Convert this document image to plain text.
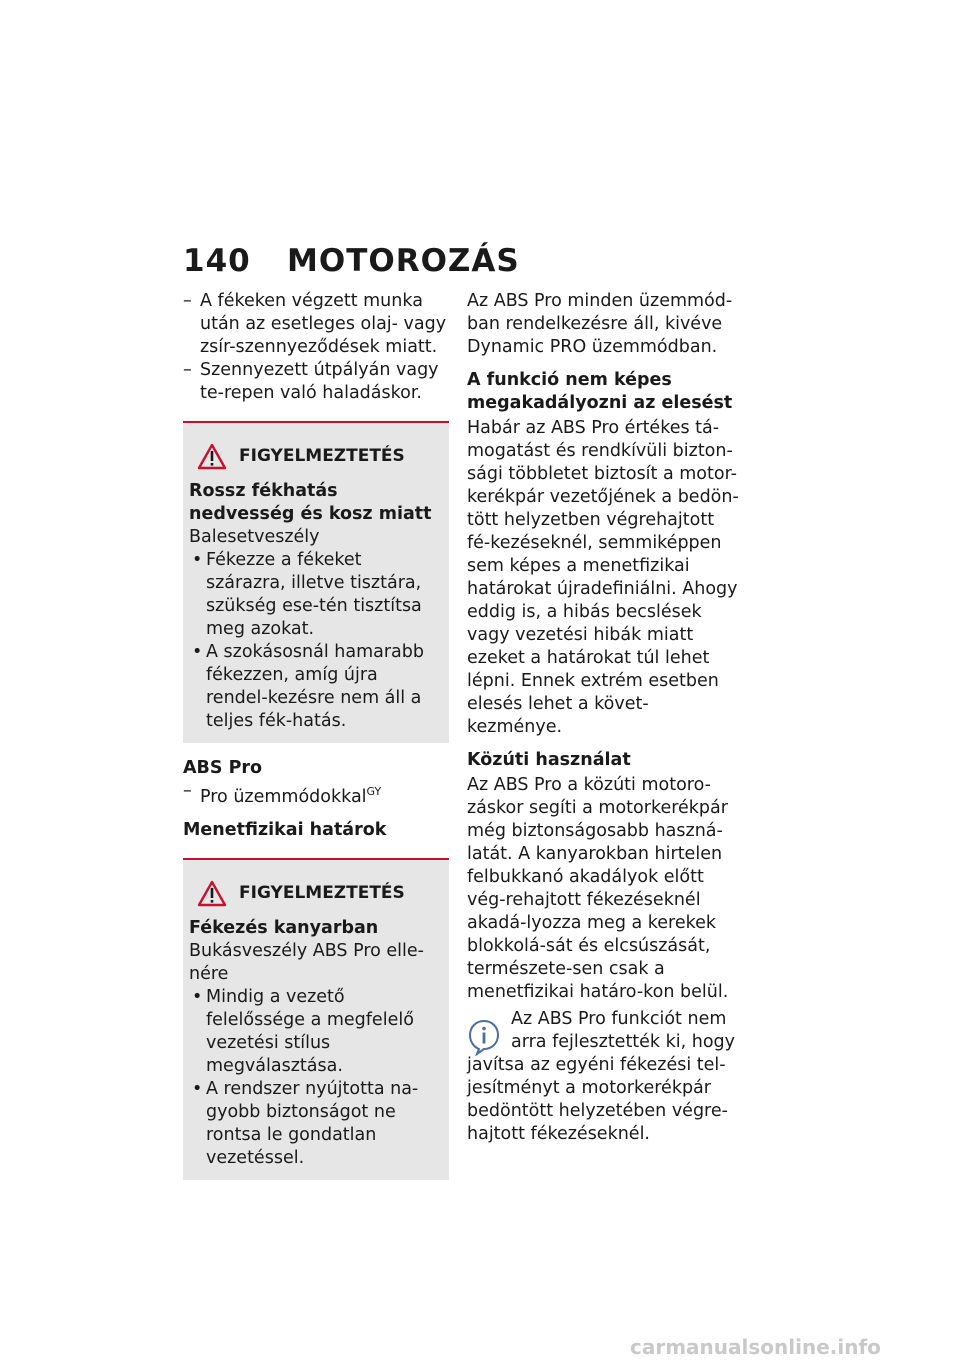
140 MOTOROZÁS
– A fékeken végzett munka után az esetleges olaj- vagy zsír-szennyeződések miatt.
– Szennyezett útpályán vagy te-repen való haladáskor.
FIGYELMEZTETÉS
Rossz fékhatás nedvesség és kosz miatt
Balesetveszély
• Fékezze a fékeket szárazra, illetve tisztára, szükség ese-tén tisztítsa meg azokat.
• A szokásosnál hamarabb fékezzen, amíg újra rendel-kezésre nem áll a teljes fék-hatás.
ABS Pro
– Pro üzemmódokkal$^{GY}$
Menetfizikai határok
FIGYELMEZTETÉS
Fékezés kanyarban
Bukásveszély ABS Pro elle-nére
• Mindig a vezető felelőssége a megfelelő vezetési stílus megválasztása.
• A rendszer nyújtotta na-gyobb biztonságot ne rontsa le gondatlan vezetéssel.
Az ABS Pro minden üzemmód-ban rendelkezésre áll, kivéve Dynamic PRO üzemmódban.
A funkció nem képes megakadályozni az elesést
Habár az ABS Pro értékes tá-mogatást és rendkívüli bizton-sági többletet biztosít a motor-kerékpár vezetőjének a bedön-tött helyzetben végrehajtott fé-kezéseknél, semmiképpen sem képes a menetfizikai határokat újradefiniálni. Ahogy eddig is, a hibás becslések vagy vezetési hibák miatt ezeket a határokat túl lehet lépni. Ennek extrém esetben elesés lehet a követ-kezménye.
Közúti használat
Az ABS Pro a közúti motoro-záskor segíti a motorkerékpár még biztonságosabb haszná-latát. A kanyarokban hirtelen felbukkanó akadályok előtt vég-rehajtott fékezéseknél akadá-lyozza meg a kerekek blokkolá-sát és elcsúszását, természete-sen csak a menetfizikai határo-kon belül.
Az ABS Pro funkciót nem arra fejlesztették ki, hogy
javítsa az egyéni fékezési tel-jesítményt a motorkerékpár bedöntött helyzetében végre-hajtott fékezéseknél.
carmanualsonline.info
